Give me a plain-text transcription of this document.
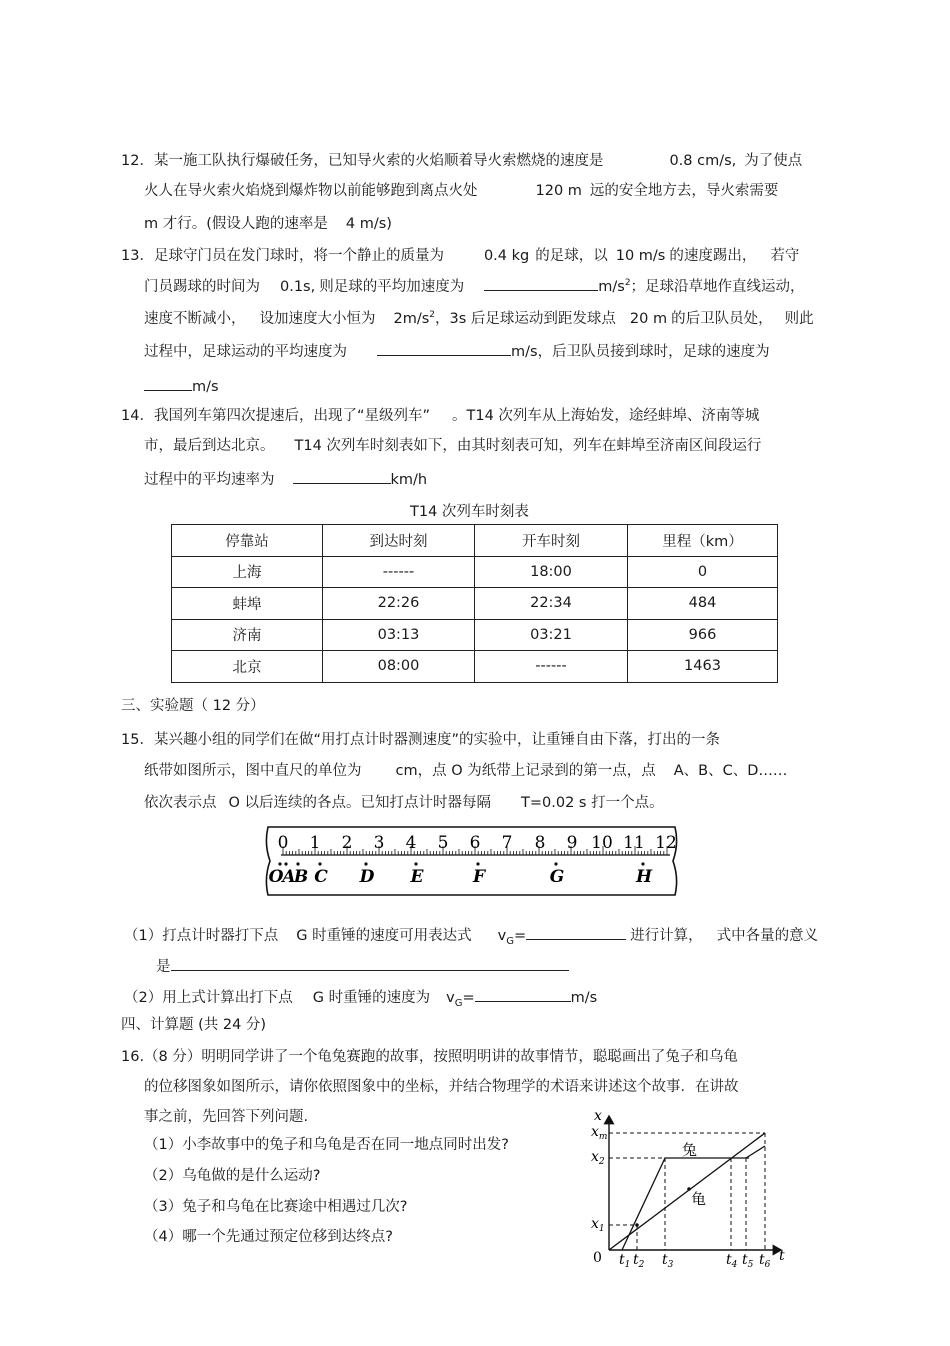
12．某一施工队执行爆破任务，已知导火索的火焰顺着导火索燃烧的速度是	0.8 cm/s, 为了使点
火人在导火索火焰烧到爆炸物以前能够跑到离点火处	120 m 远的安全地方去，导火索需要
m 才行。(假设人跑的速率是 4 m/s)
13．足球守门员在发门球时，将一个静止的质量为	0.4 kg 的足球，以 10 m/s 的速度踢出， 若守
门员踢球的时间为 0.1s, 则足球的平均加速度为	$m/s^2$；足球沿草地作直线运动，
速度不断减小， 设加速度大小恒为 $2m/s^2$，3s 后足球运动到距发球点 20 m 的后卫队员处， 则此
过程中，足球运动的平均速度为	m/s，后卫队员接到球时，足球的速度为
m/s
14．我国列车第四次提速后，出现了“星级列车” 。T14 次列车从上海始发，途经蚌埠、济南等城
市，最后到达北京。 T14 次列车时刻表如下，由其时刻表可知，列车在蚌埠至济南区间段运行
过程中的平均速率为	km/h
T14 次列车时刻表
停靠站	到达时刻	开车时刻	里程（km）
上海	------	18:00	0
蚌埠	22:26	22:34	484
济南	03:13	03:21	966
北京	08:00	------	1463
三、实验题（ 12 分）
15．某兴趣小组的同学们在做“用打点计时器测速度”的实验中，让重锤自由下落，打出的一条
纸带如图所示，图中直尺的单位为 cm，点 O 为纸带上记录到的第一点，点 A、B、C、D……
依次表示点 O 以后连续的各点。已知打点计时器每隔 T=0.02 s 打一个点。
0 1 2 3 4 5 6 7 8 9 10 11 12
O
A
B C D E	F	G	H
（1）打点计时器打下点 G 时重锤的速度可用表达式 $v_G=$	进行计算， 式中各量的意义
是
（2）用上式计算出打下点 G 时重锤的速度为 $v_G=$	m/s
四、计算题 (共 24 分)
16.（8 分）明明同学讲了一个龟兔赛跑的故事，按照明明讲的故事情节，聪聪画出了兔子和乌龟
的位移图象如图所示，请你依照图象中的坐标，并结合物理学的术语来讲述这个故事．在讲故
事之前，先回答下列问题.
（1）小李故事中的兔子和乌龟是否在同一地点同时出发?
（2）乌龟做的是什么运动?
（3）兔子和乌龟在比赛途中相遇过几次?
（4）哪一个先通过预定位移到达终点?
兔
龟
x
t
0
$x_m$
$x_2$
$x_1$
$t_1$ $t_2$ $t_3$	$t_4$ $t_5$ $t_6$
